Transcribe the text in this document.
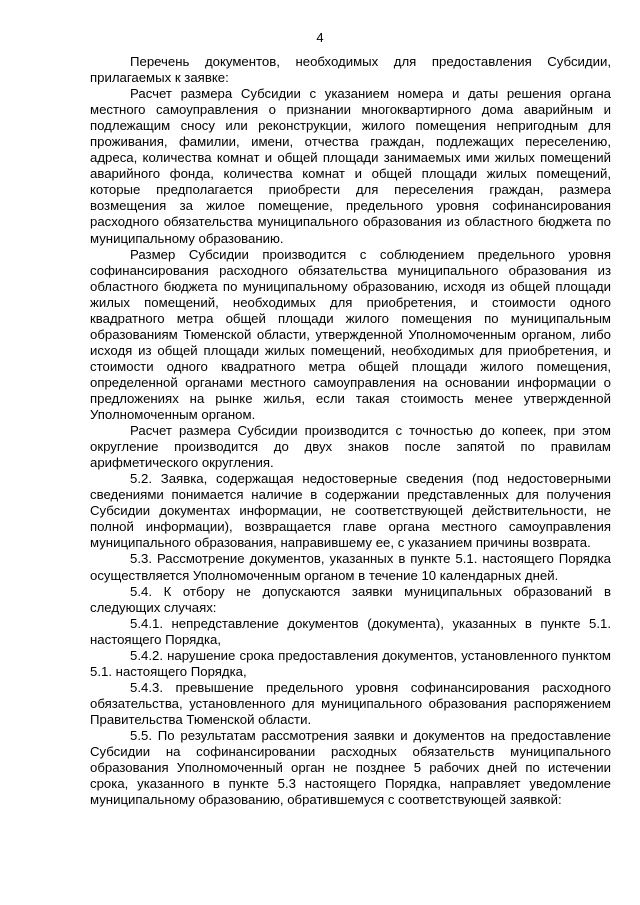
4

Перечень документов, необходимых для предоставления Субсидии, прилагаемых к заявке:

Расчет размера Субсидии с указанием номера и даты решения органа местного самоуправления о признании многоквартирного дома аварийным и подлежащим сносу или реконструкции, жилого помещения непригодным для проживания, фамилии, имени, отчества граждан, подлежащих переселению, адреса, количества комнат и общей площади занимаемых ими жилых помещений аварийного фонда, количества комнат и общей площади жилых помещений, которые предполагается приобрести для переселения граждан, размера возмещения за жилое помещение, предельного уровня софинансирования расходного обязательства муниципального образования из областного бюджета по муниципальному образованию.

Размер Субсидии производится с соблюдением предельного уровня софинансирования расходного обязательства муниципального образования из областного бюджета по муниципальному образованию, исходя из общей площади жилых помещений, необходимых для приобретения, и стоимости одного квадратного метра общей площади жилого помещения по муниципальным образованиям Тюменской области, утвержденной Уполномоченным органом, либо исходя из общей площади жилых помещений, необходимых для приобретения, и стоимости одного квадратного метра общей площади жилого помещения, определенной органами местного самоуправления на основании информации о предложениях на рынке жилья, если такая стоимость менее утвержденной Уполномоченным органом.

Расчет размера Субсидии производится с точностью до копеек, при этом округление производится до двух знаков после запятой по правилам арифметического округления.

5.2. Заявка, содержащая недостоверные сведения (под недостоверными сведениями понимается наличие в содержании представленных для получения Субсидии документах информации, не соответствующей действительности, не полной информации), возвращается главе органа местного самоуправления муниципального образования, направившему ее, с указанием причины возврата.

5.3. Рассмотрение документов, указанных в пункте 5.1. настоящего Порядка осуществляется Уполномоченным органом в течение 10 календарных дней.

5.4. К отбору не допускаются заявки муниципальных образований в следующих случаях:

5.4.1. непредставление документов (документа), указанных в пункте 5.1. настоящего Порядка,

5.4.2. нарушение срока предоставления документов, установленного пунктом 5.1. настоящего Порядка,

5.4.3. превышение предельного уровня софинансирования расходного обязательства, установленного для муниципального образования распоряжением Правительства Тюменской области.

5.5. По результатам рассмотрения заявки и документов на предоставление Субсидии на софинансировании расходных обязательств муниципального образования Уполномоченный орган не позднее 5 рабочих дней по истечении срока, указанного в пункте 5.3 настоящего Порядка, направляет уведомление муниципальному образованию, обратившемуся с соответствующей заявкой:
